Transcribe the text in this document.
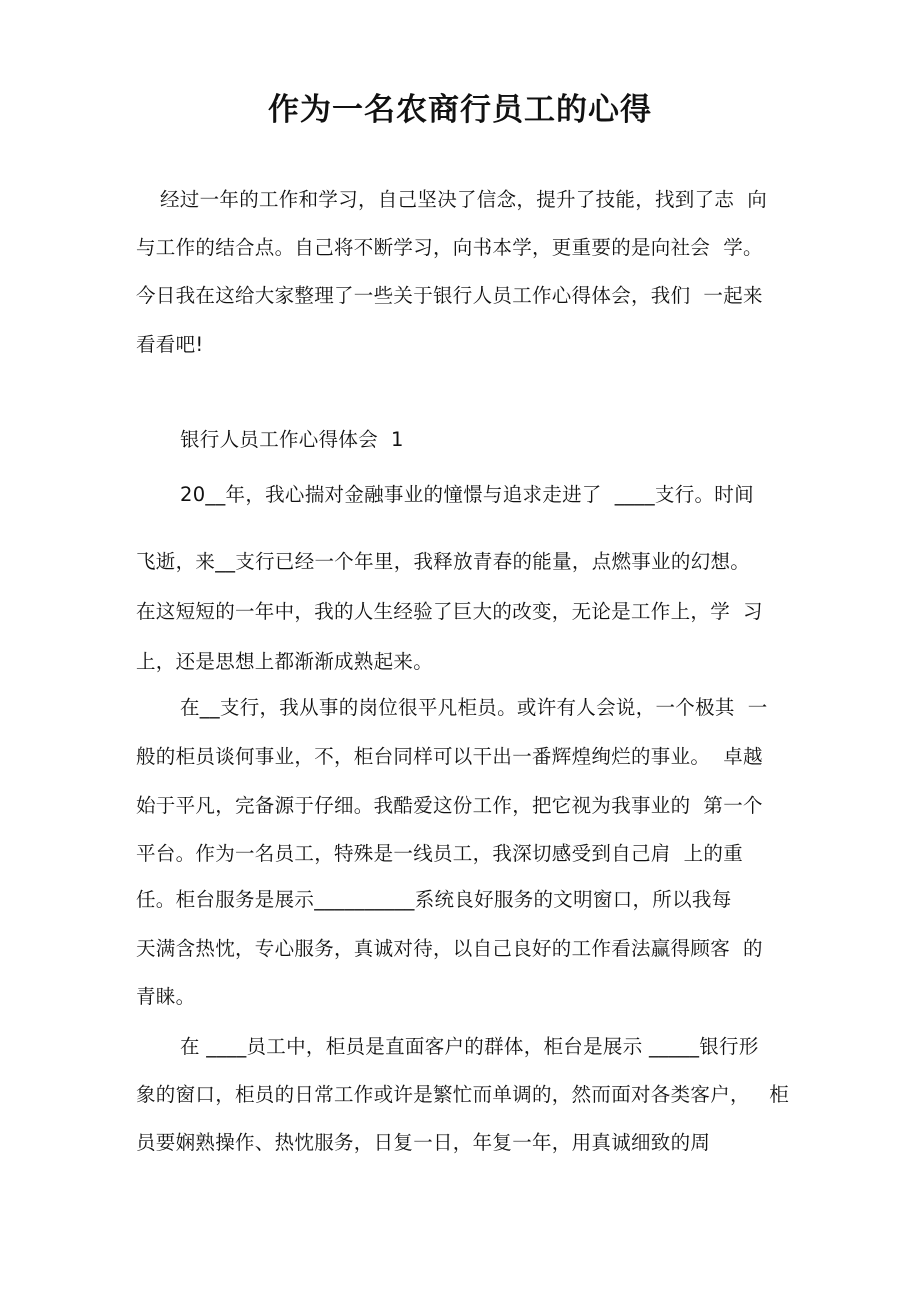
作为一名农商行员工的心得
经过一年的工作和学习，自己坚决了信念，提升了技能，找到了志  向
与工作的结合点。自己将不断学习，向书本学，更重要的是向社会  学。
今日我在这给大家整理了一些关于银行人员工作心得体会，我们  一起来
看看吧!
银行人员工作心得体会  1
20__年，我心揣对金融事业的憧憬与追求走进了  ____支行。时间
飞逝，来__支行已经一个年里，我释放青春的能量，点燃事业的幻想。
在这短短的一年中，我的人生经验了巨大的改变，无论是工作上，学  习
上，还是思想上都渐渐成熟起来。
在__支行，我从事的岗位很平凡柜员。或许有人会说，一个极其  一
般的柜员谈何事业，不，柜台同样可以干出一番辉煌绚烂的事业。  卓越
始于平凡，完备源于仔细。我酷爱这份工作，把它视为我事业的  第一个
平台。作为一名员工，特殊是一线员工，我深切感受到自己肩  上的重
任。柜台服务是展示__________系统良好服务的文明窗口，所以我每
天满含热忱，专心服务，真诚对待，以自己良好的工作看法赢得顾客  的
青睐。
在 ____员工中，柜员是直面客户的群体，柜台是展示 _____银行形
象的窗口，柜员的日常工作或许是繁忙而单调的，然而面对各类客户，   柜
员要娴熟操作、热忱服务，日复一日，年复一年，用真诚细致的周
